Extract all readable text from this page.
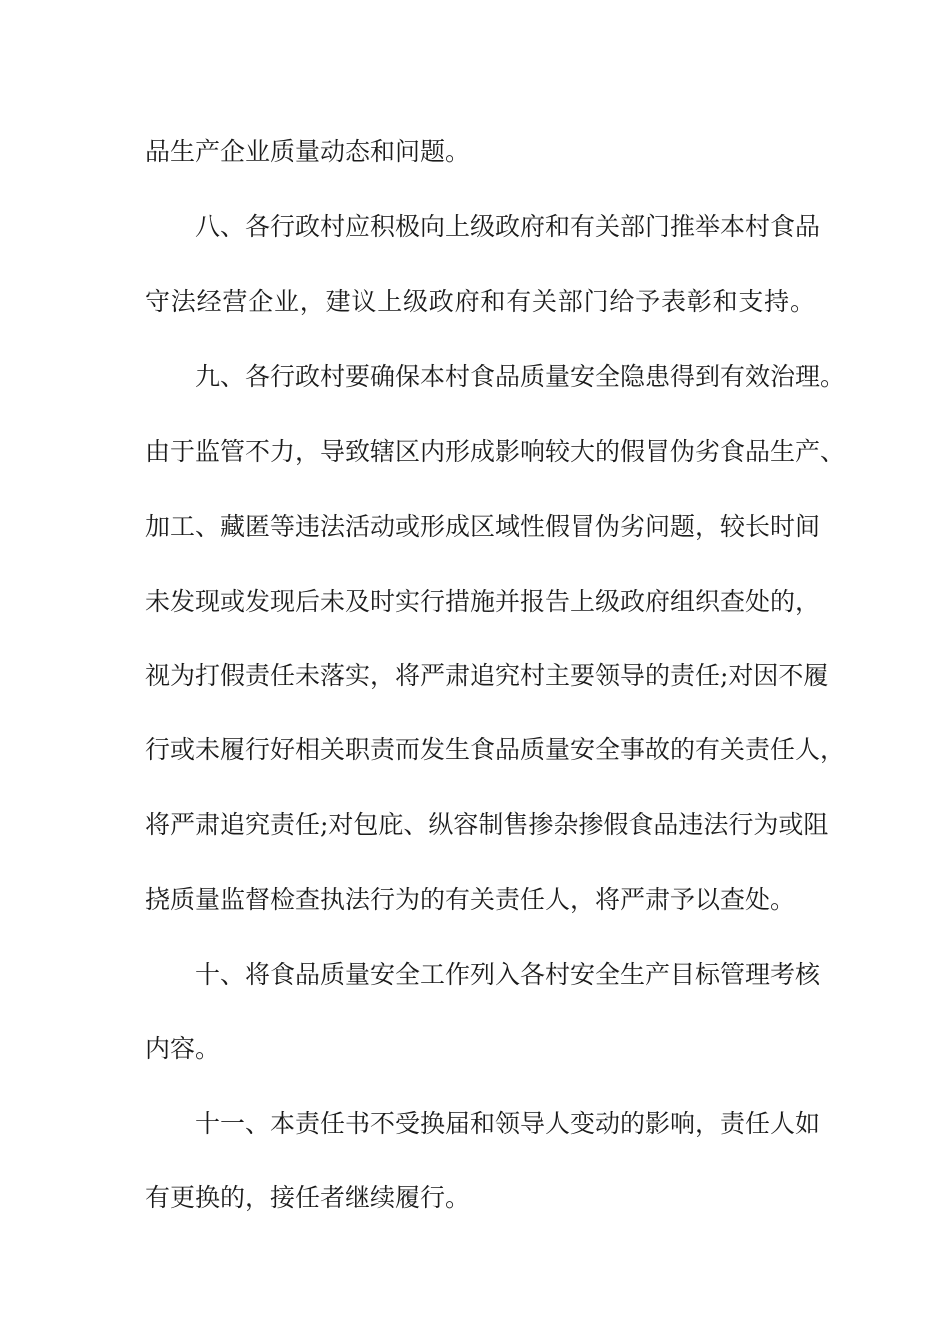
品生产企业质量动态和问题。
八、各行政村应积极向上级政府和有关部门推举本村食品
守法经营企业，建议上级政府和有关部门给予表彰和支持。
九、各行政村要确保本村食品质量安全隐患得到有效治理。
由于监管不力，导致辖区内形成影响较大的假冒伪劣食品生产、
加工、藏匿等违法活动或形成区域性假冒伪劣问题，较长时间
未发现或发现后未及时实行措施并报告上级政府组织查处的，
视为打假责任未落实，将严肃追究村主要领导的责任;对因不履
行或未履行好相关职责而发生食品质量安全事故的有关责任人，
将严肃追究责任;对包庇、纵容制售掺杂掺假食品违法行为或阻
挠质量监督检查执法行为的有关责任人，将严肃予以查处。
十、将食品质量安全工作列入各村安全生产目标管理考核
内容。
十一、本责任书不受换届和领导人变动的影响，责任人如
有更换的，接任者继续履行。
